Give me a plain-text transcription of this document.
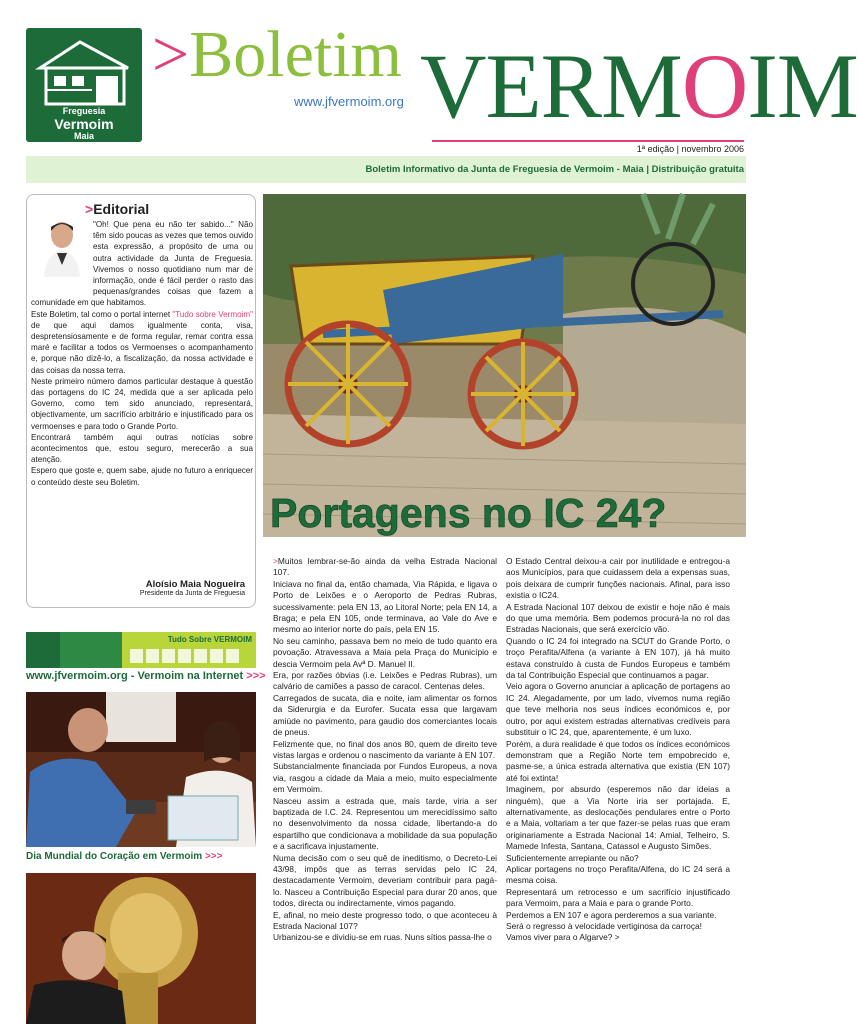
Freguesia
Vermoim
Maia
>Boletim
www.jfvermoim.org VERMOIM
1ª edição | novembro 2006
Boletim Informativo da Junta de Freguesia de Vermoim - Maia | Distribuição gratuita
>Editorial

"Oh! Que pena eu não ter sabido..." Não têm sido poucas as vezes que temos ouvido esta expressão, a propósito de uma ou outra actividade da Junta de Freguesia. Vivemos o nosso quotidiano num mar de informação, onde é fácil perder o rasto das pequenas/grandes coisas que fazem a comunidade em que habitamos.

Este Boletim, tal como o portal internet "Tudo sobre Vermoim" de que aqui damos igualmente conta, visa, despretensiosamente e de forma regular, remar contra essa maré e facilitar a todos os Vermoenses o acompanhamento e, porque não dizê-lo, a fiscalização, da nossa actividade e das coisas da nossa terra.

Neste primeiro número damos particular destaque à questão das portagens do IC 24, medida que a ser aplicada pelo Governo, como tem sido anunciado, representará, objectivamente, um sacrifício arbitrário e injustificado para os vermoenses e para todo o Grande Porto.

Encontrará também aqui outras notícias sobre acontecimentos que, estou seguro, merecerão a sua atenção.

Espero que goste e, quem sabe, ajude no futuro a enriquecer o conteúdo deste seu Boletim.

Aloísio Maia Nogueira
Presidente da Junta de Freguesia
Tudo Sobre VERMOIM
www.jfvermoim.org - Vermoim na Internet >>>
Dia Mundial do Coração em Vermoim >>>
Portagens no IC 24?

>Muitos lembrar-se-ão ainda da velha Estrada Nacional 107.

Iniciava no final da, então chamada, Via Rápida, e ligava o Porto de Leixões e o Aeroporto de Pedras Rubras, sucessivamente: pela EN 13, ao Litoral Norte; pela EN 14, a Braga; e pela EN 105, onde terminava, ao Vale do Ave e mesmo ao interior norte do país, pela EN 15.

No seu caminho, passava bem no meio de tudo quanto era povoação. Atravessava a Maia pela Praça do Município e descia Vermoim pela Avª D. Manuel II.

Era, por razões óbvias (i.e. Leixões e Pedras Rubras), um calvário de camiões a passo de caracol. Centenas deles.

Carregados de sucata, dia e noite, iam alimentar os fornos da Siderurgia e da Eurofer. Sucata essa que largavam amiúde no pavimento, para gaudio dos comerciantes locais de pneus.

Felizmente que, no final dos anos 80, quem de direito teve vistas largas e ordenou o nascimento da variante à EN 107.

Substancialmente financiada por Fundos Europeus, a nova via, rasgou a cidade da Maia a meio, muito especialmente em Vermoim.

Nasceu assim a estrada que, mais tarde, viria a ser baptizada de I.C. 24. Representou um merecidíssimo salto no desenvolvimento da nossa cidade, libertando-a do espartilho que condicionava a mobilidade da sua população e a sacrificava injustamente.

Numa decisão com o seu quê de ineditismo, o Decreto-Lei 43/98, impôs que as terras servidas pelo IC 24, destacadamente Vermoim, deveriam contribuir para pagá-lo. Nasceu a Contribuição Especial para durar 20 anos, que todos, directa ou indirectamente, vimos pagando.

E, afinal, no meio deste progresso todo, o que aconteceu à Estrada Nacional 107?

Urbanizou-se e dividiu-se em ruas. Nuns sítios passa-lhe o

O Estado Central deixou-a cair por inutilidade e entregou-a aos Municípios, para que cuidassem dela a expensas suas, pois deixara de cumprir funções nacionais. Afinal, para isso existia o IC24.

A Estrada Nacional 107 deixou de existir e hoje não é mais do que uma memória. Bem podemos procurá-la no rol das Estradas Nacionais, que será exercício vão.

Quando o IC 24 foi integrado na SCUT do Grande Porto, o troço Perafita/Alfena (a variante à EN 107), já há muito estava construído à custa de Fundos Europeus e também da tal Contribuição Especial que continuamos a pagar.

Veio agora o Governo anunciar a aplicação de portagens ao IC 24. Alegadamente, por um lado, vivemos numa região que teve melhoria nos seus índices económicos e, por outro, por aqui existem estradas alternativas credíveis para substituir o IC 24, que, aparentemente, é um luxo.

Porém, a dura realidade é que todos os índices económicos demonstram que a Região Norte tem empobrecido e, pasme-se, a única estrada alternativa que existia (EN 107) até foi extinta!

Imaginem, por absurdo (esperemos não dar ideias a ninguém), que a Via Norte iria ser portajada. E, alternativamente, as deslocações pendulares entre o Porto e a Maia, voltariam a ter que fazer-se pelas ruas que eram originariamente a Estrada Nacional 14: Amial, Telheiro, S. Mamede Infesta, Santana, Catassol e Augusto Simões.

Suficientemente arrepiante ou não?

Aplicar portagens no troço Perafita/Alfena, do IC 24 será a mesma coisa.

Representará um retrocesso e um sacrifício injustificado para Vermoim, para a Maia e para o grande Porto.

Perdemos a EN 107 e agora perderemos a sua variante.

Será o regresso à velocidade vertiginosa da carroça!

Vamos viver para o Algarve? >
